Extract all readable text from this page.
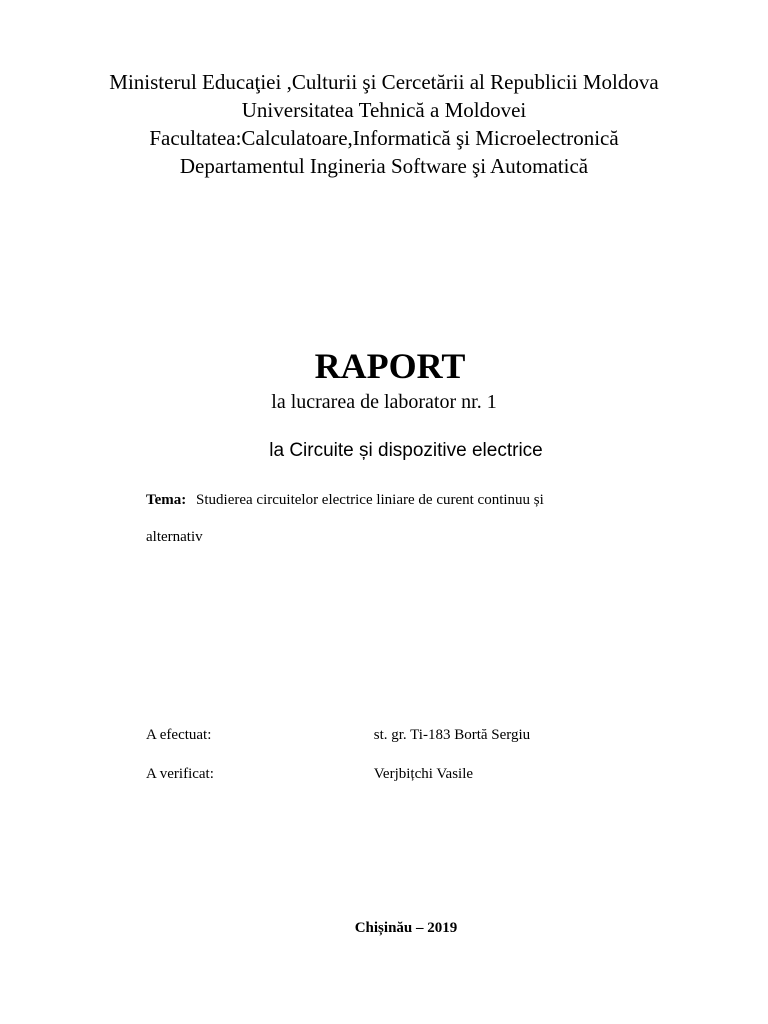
Ministerul Educaţiei ,Culturii şi Cercetării al Republicii Moldova
Universitatea Tehnică a Moldovei
Facultatea:Calculatoare,Informatică şi Microelectronică
Departamentul Ingineria Software şi Automatică
RAPORT
la lucrarea de laborator nr. 1
la Circuite și dispozitive electrice
Tema: Studierea circuitelor electrice liniare de curent continuu și
alternativ
A efectuat:	st. gr. Ti-183 Bortă Sergiu
A verificat:	Verjbițchi Vasile
Chișinău – 2019
